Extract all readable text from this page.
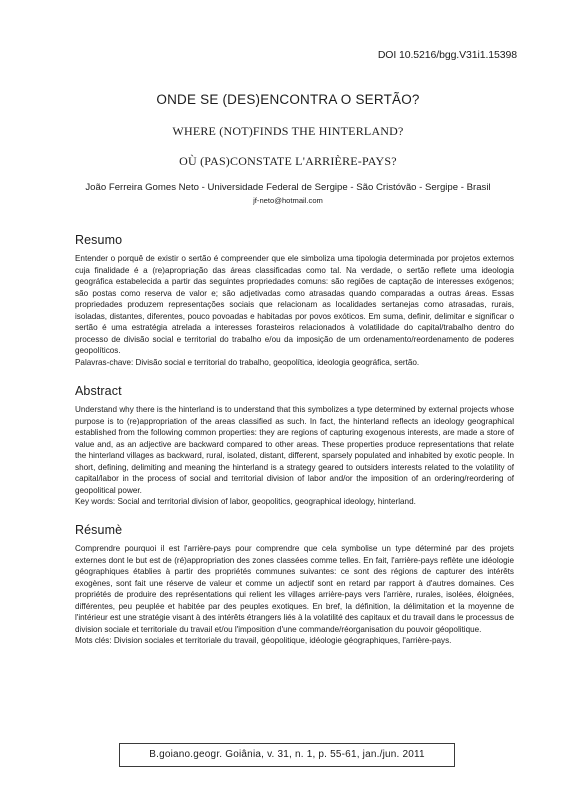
DOI 10.5216/bgg.V31i1.15398
ONDE SE (DES)ENCONTRA O SERTÃO?
WHERE (NOT)FINDS THE HINTERLAND?
OÙ (PAS)CONSTATE L'ARRIÈRE-PAYS?
João Ferreira Gomes Neto - Universidade Federal de Sergipe - São Cristóvão - Sergipe - Brasil
jf-neto@hotmail.com
Resumo

Entender o porquê de existir o sertão é compreender que ele simboliza uma tipologia determinada por projetos externos cuja finalidade é a (re)apropriação das áreas classificadas como tal. Na verdade, o sertão reflete uma ideologia geográfica estabelecida a partir das seguintes propriedades comuns: são regiões de captação de interesses exógenos; são postas como reserva de valor e; são adjetivadas como atrasadas quando comparadas a outras áreas. Essas propriedades produzem representações sociais que relacionam as localidades sertanejas como atrasadas, rurais, isoladas, distantes, diferentes, pouco povoadas e habitadas por povos exóticos. Em suma, definir, delimitar e significar o sertão é uma estratégia atrelada a interesses forasteiros relacionados à volatilidade do capital/trabalho dentro do processo de divisão social e territorial do trabalho e/ou da imposição de um ordenamento/reordenamento de poderes geopolíticos.

Palavras-chave: Divisão social e territorial do trabalho, geopolítica, ideologia geográfica, sertão.

Abstract

Understand why there is the hinterland is to understand that this symbolizes a type determined by external projects whose purpose is to (re)appropriation of the areas classified as such. In fact, the hinterland reflects an ideology geographical established from the following common properties: they are regions of capturing exogenous interests, are made a store of value and, as an adjective are backward compared to other areas. These properties produce representations that relate the hinterland villages as backward, rural, isolated, distant, different, sparsely populated and inhabited by exotic people. In short, defining, delimiting and meaning the hinterland is a strategy geared to outsiders interests related to the volatility of capital/labor in the process of social and territorial division of labor and/or the imposition of an ordering/reordering of geopolitical power.

Key words: Social and territorial division of labor, geopolitics, geographical ideology, hinterland.

Résumè

Comprendre pourquoi il est l'arrière-pays pour comprendre que cela symbolise un type déterminé par des projets externes dont le but est de (ré)appropriation des zones classées comme telles. En fait, l'arrière-pays reflète une idéologie géographiques établies à partir des propriétés communes suivantes: ce sont des régions de capturer des intérêts exogènes, sont fait une réserve de valeur et comme un adjectif sont en retard par rapport à d'autres domaines. Ces propriétés de produire des représentations qui relient les villages arrière-pays vers l'arrière, rurales, isolées, éloignées, différentes, peu peuplée et habitée par des peuples exotiques. En bref, la définition, la délimitation et la moyenne de l'intérieur est une stratégie visant à des intérêts étrangers liés à la volatilité des capitaux et du travail dans le processus de division sociale et territoriale du travail et/ou l'imposition d'une commande/réorganisation du pouvoir géopolitique.

Mots clés: Division sociales et territoriale du travail, géopolitique, idéologie géographiques, l'arrière-pays.

B.goiano.geogr. Goiânia, v. 31, n. 1, p. 55-61, jan./jun. 2011
